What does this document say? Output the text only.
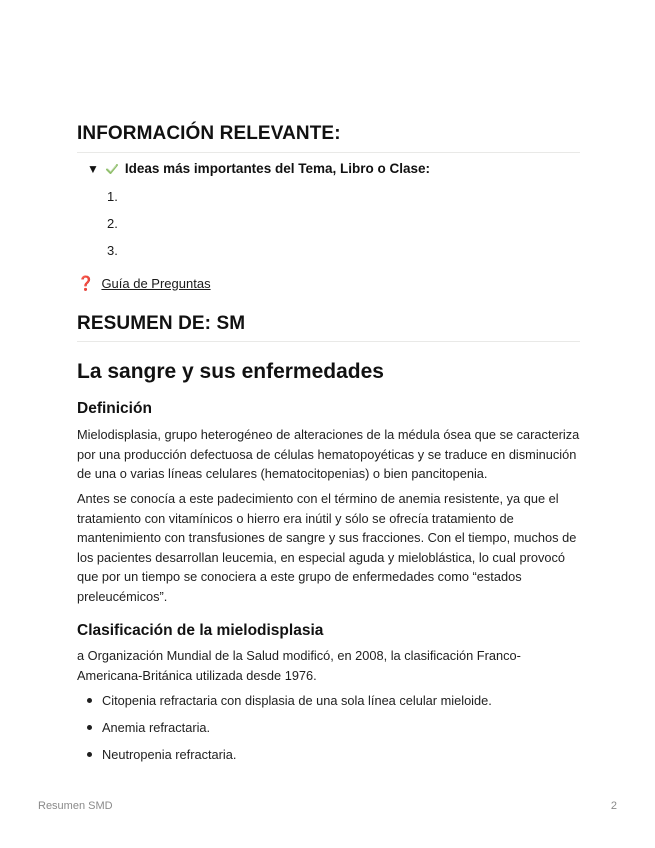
INFORMACIÓN RELEVANTE:
▼ Ideas más importantes del Tema, Libro o Clase:
1.
2.
3.
❓ Guía de Preguntas
RESUMEN DE: SM
La sangre y sus enfermedades
Definición

Mielodisplasia, grupo heterogéneo de alteraciones de la médula ósea que se caracteriza por una producción defectuosa de células hematopoyéticas y se traduce en disminución de una o varias líneas celulares (hematocitopenias) o bien pancitopenia.

Antes se conocía a este padecimiento con el término de anemia resistente, ya que el tratamiento con vitamínicos o hierro era inútil y sólo se ofrecía tratamiento de mantenimiento con transfusiones de sangre y sus fracciones. Con el tiempo, muchos de los pacientes desarrollan leucemia, en especial aguda y mieloblástica, lo cual provocó que por un tiempo se conociera a este grupo de enfermedades como “estados preleucémicos”.

Clasificación de la mielodisplasia

a Organización Mundial de la Salud modificó, en 2008, la clasificación Franco-Americana-Británica utilizada desde 1976.

Citopenia refractaria con displasia de una sola línea celular mieloide.
Anemia refractaria.
Neutropenia refractaria.
Resumen SMD	2
